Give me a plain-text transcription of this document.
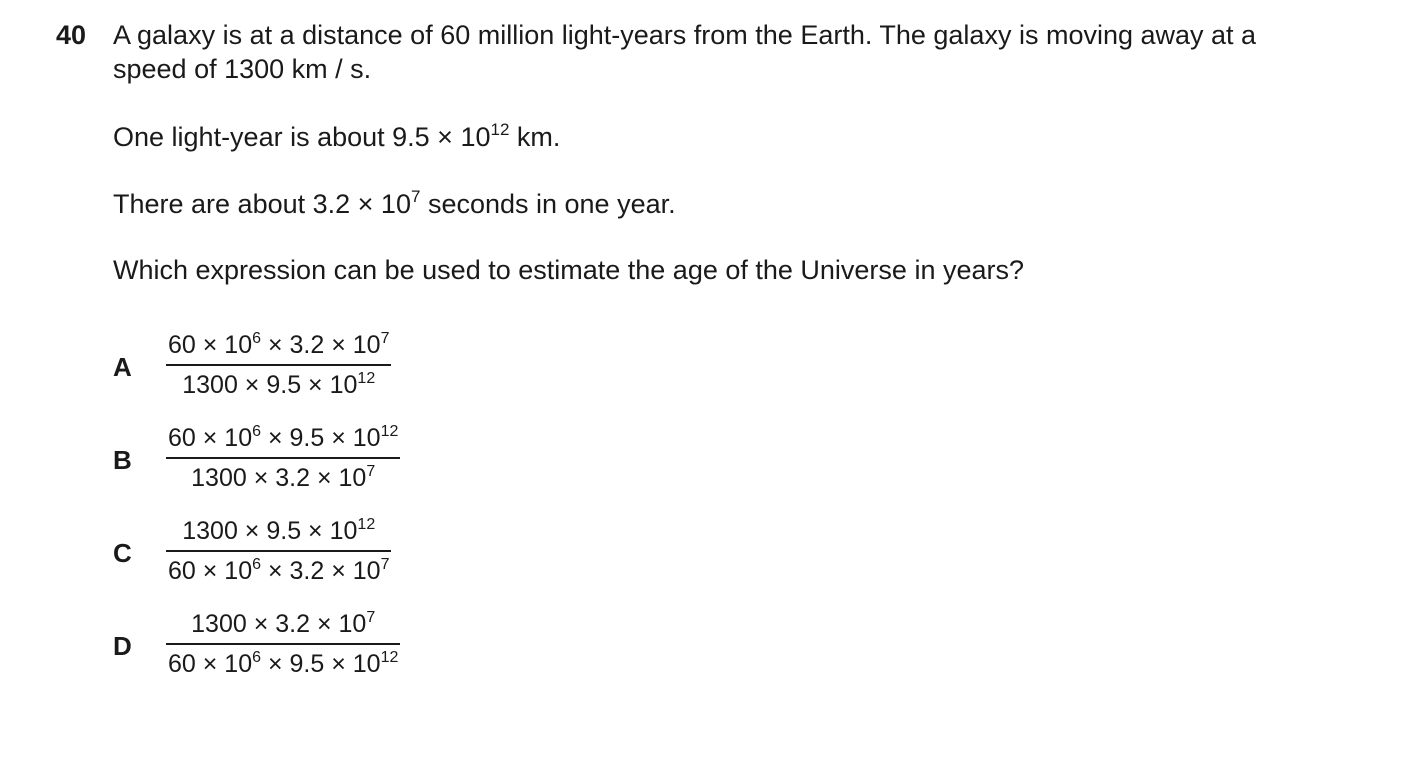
40 A galaxy is at a distance of 60 million light-years from the Earth. The galaxy is moving away at a
speed of 1300 km / s.
One light-year is about $9.5 \times 10^{12}$ km.
There are about $3.2 \times 10^7$ seconds in one year.
Which expression can be used to estimate the age of the Universe in years?
A
$60 \times 10^6 \times 3.2 \times 10^7$
$1300 \times 9.5 \times 10^{12}$
B
$60 \times 10^6 \times 9.5 \times 10^{12}$
$1300 \times 3.2 \times 10^7$
C
$1300 \times 9.5 \times 10^{12}$
$60 \times 10^6 \times 3.2 \times 10^7$
D
$1300 \times 3.2 \times 10^7$
$60 \times 10^6 \times 9.5 \times 10^{12}$
